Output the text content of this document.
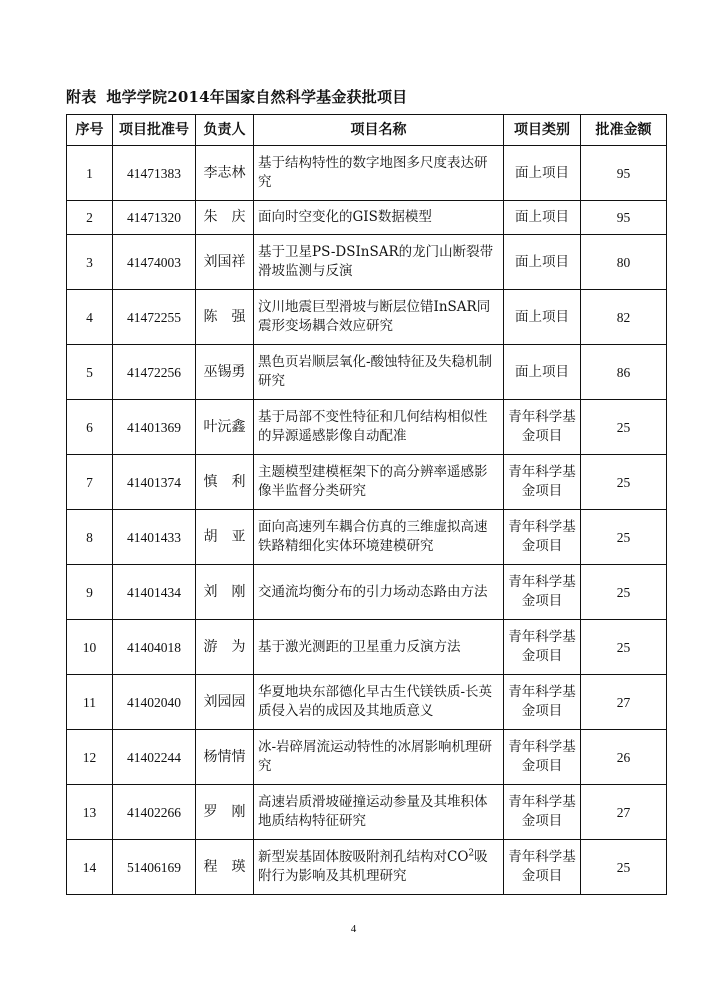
附表 地学学院2014年国家自然科学基金获批项目
序号	项目批准号	负责人	项目名称	项目类别	批准金额
1	41471383	李志林	基于结构特性的数字地图多尺度表达研究	面上项目	95
2	41471320	朱　庆	面向时空变化的GIS数据模型	面上项目	95
3	41474003	刘国祥	基于卫星PS-DSInSAR的龙门山断裂带滑坡监测与反演	面上项目	80
4	41472255	陈　强	汶川地震巨型滑坡与断层位错InSAR同震形变场耦合效应研究	面上项目	82
5	41472256	巫锡勇	黑色页岩顺层氧化-酸蚀特征及失稳机制研究	面上项目	86
6	41401369	叶沅鑫	基于局部不变性特征和几何结构相似性的异源遥感影像自动配准	青年科学基金项目	25
7	41401374	慎　利	主题模型建模框架下的高分辨率遥感影像半监督分类研究	青年科学基金项目	25
8	41401433	胡　亚	面向高速列车耦合仿真的三维虚拟高速铁路精细化实体环境建模研究	青年科学基金项目	25
9	41401434	刘　刚	交通流均衡分布的引力场动态路由方法	青年科学基金项目	25
10	41404018	游　为	基于激光测距的卫星重力反演方法	青年科学基金项目	25
11	41402040	刘园园	华夏地块东部德化早古生代镁铁质-长英质侵入岩的成因及其地质意义	青年科学基金项目	27
12	41402244	杨情情	冰-岩碎屑流运动特性的冰屑影响机理研究	青年科学基金项目	26
13	41402266	罗　刚	高速岩质滑坡碰撞运动参量及其堆积体地质结构特征研究	青年科学基金项目	27
14	51406169	程　瑛	新型炭基固体胺吸附剂孔结构对$CO^2$吸附行为影响及其机理研究	青年科学基金项目	25
4
